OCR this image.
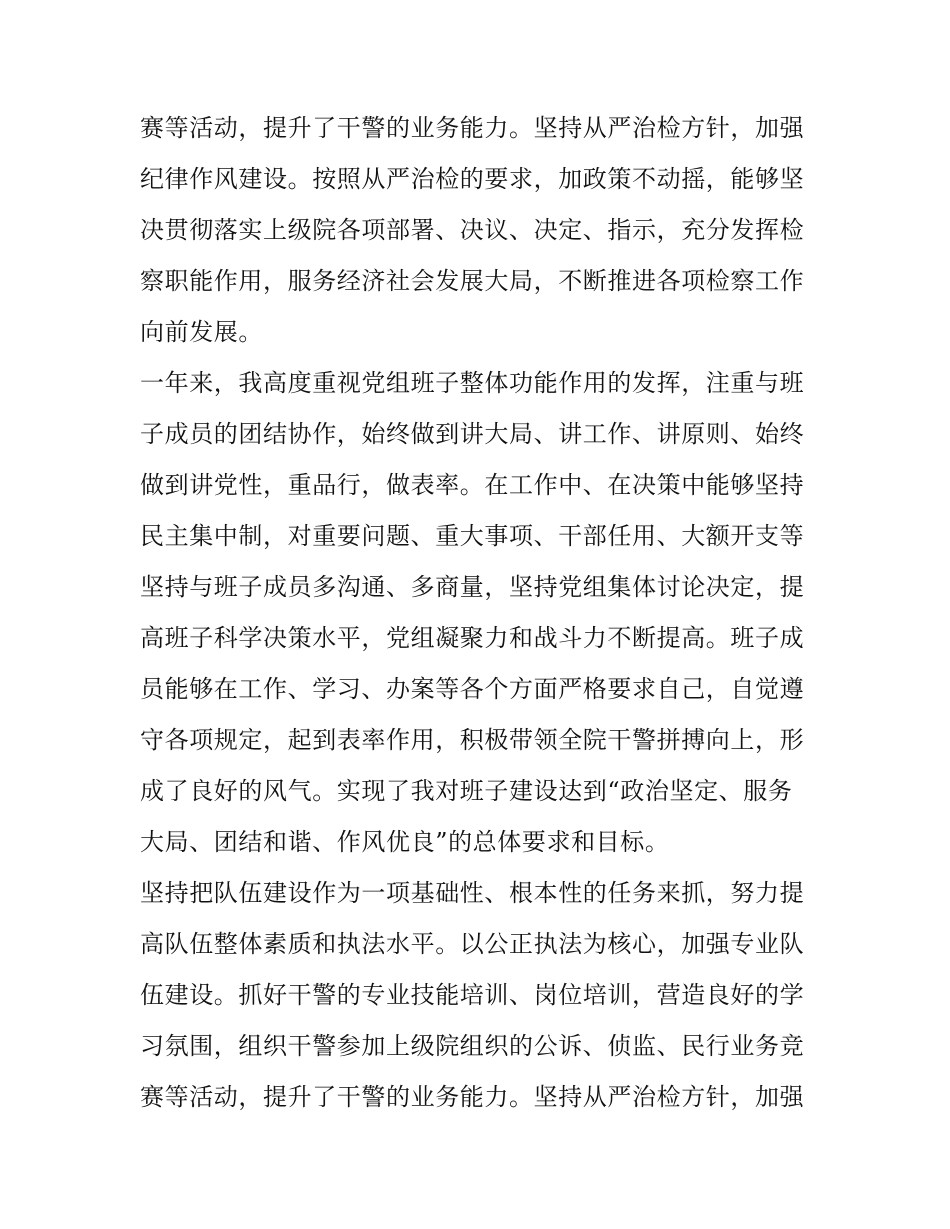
赛等活动，提升了干警的业务能力。坚持从严治检方针，加强
纪律作风建设。按照从严治检的要求，加政策不动摇，能够坚
决贯彻落实上级院各项部署、决议、决定、指示，充分发挥检
察职能作用，服务经济社会发展大局，不断推进各项检察工作
向前发展。
一年来，我高度重视党组班子整体功能作用的发挥，注重与班
子成员的团结协作，始终做到讲大局、讲工作、讲原则、始终
做到讲党性，重品行，做表率。在工作中、在决策中能够坚持
民主集中制，对重要问题、重大事项、干部任用、大额开支等
坚持与班子成员多沟通、多商量，坚持党组集体讨论决定，提
高班子科学决策水平，党组凝聚力和战斗力不断提高。班子成
员能够在工作、学习、办案等各个方面严格要求自己，自觉遵
守各项规定，起到表率作用，积极带领全院干警拼搏向上，形
成了良好的风气。实现了我对班子建设达到“政治坚定、服务
大局、团结和谐、作风优良”的总体要求和目标。
坚持把队伍建设作为一项基础性、根本性的任务来抓，努力提
高队伍整体素质和执法水平。以公正执法为核心，加强专业队
伍建设。抓好干警的专业技能培训、岗位培训，营造良好的学
习氛围，组织干警参加上级院组织的公诉、侦监、民行业务竞
赛等活动，提升了干警的业务能力。坚持从严治检方针，加强
